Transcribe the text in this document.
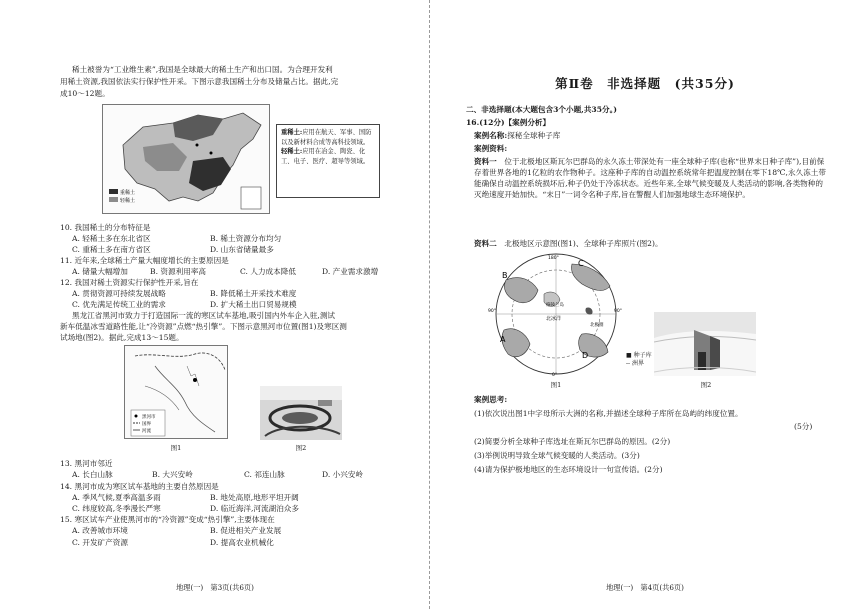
稀土被誉为“工业维生素”,我国是全球最大的稀土生产和出口国。为合理开发利
用稀土资源,我国依法实行保护性开采。下图示意我国稀土分布及储量占比。据此,完
成10～12题。
重稀土
轻稀土
重稀土:应用在航天、军事、国防以及新材料合成等高科技领域。
轻稀土:应用在冶金、陶瓷、化工、电子、医疗、超导等领域。
10. 我国稀土的分布特征是
A. 轻稀土多在东北省区	B. 稀土资源分布均匀
C. 重稀土多在南方省区	D. 山东省储量最多
11. 近年来,全球稀土产量大幅度增长的主要原因是
A. 储量大幅增加	B. 资源利用率高	C. 人力成本降低	D. 产业需求激增
12. 我国对稀土资源实行保护性开采,旨在
A. 贯彻资源可持续发展战略	B. 降低稀土开采技术难度
C. 优先满足传统工业的需求	D. 扩大稀土出口贸易规模
黑龙江省黑河市致力于打造国际一流的寒区试车基地,吸引国内外车企入驻,测试
新车低温冰雪道路性能,让“冷资源”点燃“热引擎”。下图示意黑河市位置(图1)及寒区测
试场地(图2)。据此,完成13～15题。
黑河市
国界
河流
图1	图2
13. 黑河市邻近
A. 长白山脉	B. 大兴安岭	C. 祁连山脉	D. 小兴安岭
14. 黑河市成为寒区试车基地的主要自然原因是
A. 季风气候,夏季高温多雨	B. 地处高原,地形平坦开阔
C. 纬度较高,冬季漫长严寒	D. 临近海洋,河流湖泊众多
15. 寒区试车产业使黑河市的“冷资源”变成“热引擎”,主要体现在
A. 改善城市环境	B. 促进相关产业发展
C. 开发矿产资源	D. 提高农业机械化
地理(一)　第3页(共6页)
第Ⅱ卷　非选择题　(共35分)
二、非选择题(本大题包含3个小题,共35分。)
16.(12分)【案例分析】
案例名称:探秘全球种子库
案例资料:
资料一　 位于北极地区斯瓦尔巴群岛的永久冻土带深处有一座全球种子库(也称“世界末日种子库”),目前保存着世界各地的1亿粒的农作物种子。这座种子库的自动温控系统常年把温度控制在零下18℃,永久冻土带能确保自动温控系统损坏后,种子仍处于冷冻状态。近些年来,全球气候变暖及人类活动的影响,各类物种的灭绝速度开始加快。“末日”一词令名种子库,旨在警醒人们加强地球生态环境保护。
资料二　 北极地区示意图(图1)、全球种子库照片(图2)。
B
C
A
D
北冰洋
北极圈
格陵兰岛
90°
0°
180°
90°
■ 种子库
-- 洲界
图1	图2
案例思考:
(1)依次说出图1中字母所示大洲的名称,并描述全球种子库所在岛屿的纬度位置。
(5分)
(2)简要分析全球种子库选址在斯瓦尔巴群岛的原因。(2分)
(3)举例说明导致全球气候变暖的人类活动。(3分)
(4)请为保护极地地区的生态环境设计一句宣传语。(2分)
地理(一)　第4页(共6页)
